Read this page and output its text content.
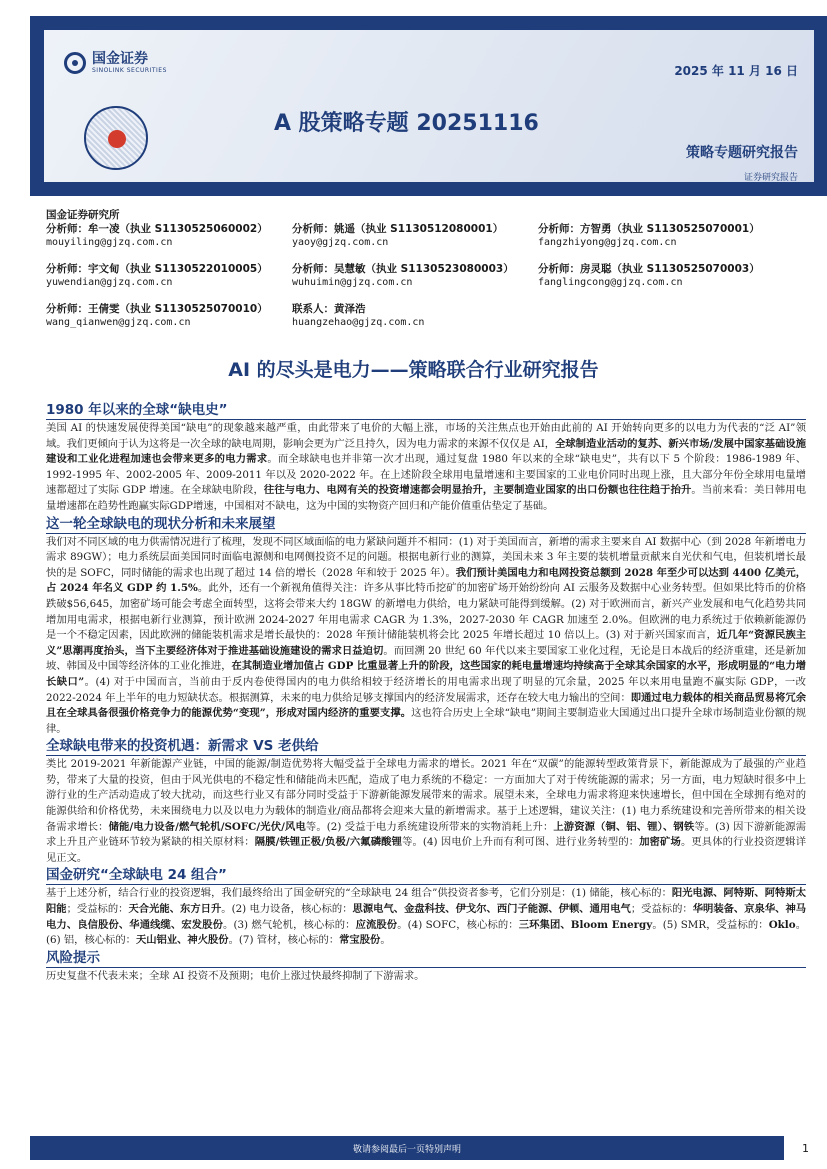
国金证券
SINOLINK SECURITIES	2025 年 11 月 16 日
A 股策略专题 20251116
策略专题研究报告
证券研究报告
国金证券研究所
分析师：牟一凌（执业 S1130525060002）
mouyiling@gjzq.com.cn
分析师：姚遥（执业 S1130512080001）
yaoy@gjzq.com.cn
分析师：方智勇（执业 S1130525070001）
fangzhiyong@gjzq.com.cn
分析师：宇文甸（执业 S1130522010005）
yuwendian@gjzq.com.cn
分析师：吴慧敏（执业 S1130523080003）
wuhuimin@gjzq.com.cn
分析师：房灵聪（执业 S1130525070003）
fanglingcong@gjzq.com.cn
分析师：王倩雯（执业 S1130525070010）
wang_qianwen@gjzq.com.cn
联系人：黄泽浩
huangzehao@gjzq.com.cn
AI 的尽头是电力——策略联合行业研究报告
1980 年以来的全球“缺电史”
美国 AI 的快速发展使得美国“缺电”的现象越来越严重，由此带来了电价的大幅上涨，市场的关注焦点也开始由此前的 AI 开始转向更多的以电力为代表的“泛 AI”领域。我们更倾向于认为这将是一次全球的缺电周期，影响会更为广泛且持久，因为电力需求的来源不仅仅是 AI，全球制造业活动的复苏、新兴市场/发展中国家基础设施建设和工业化进程加速也会带来更多的电力需求。而全球缺电也并非第一次才出现，通过复盘 1980 年以来的全球“缺电史”，共有以下 5 个阶段：1986-1989 年、1992-1995 年、2002-2005 年、2009-2011 年以及 2020-2022 年。在上述阶段全球用电量增速和主要国家的工业电价同时出现上涨，且大部分年份全球用电量增速都超过了实际 GDP 增速。在全球缺电阶段，往往与电力、电网有关的投资增速都会明显抬升，主要制造业国家的出口份额也往往趋于抬升。当前来看：美日韩用电量增速都在趋势性跑赢实际GDP增速，中国相对不缺电，这为中国的实物资产回归和产能价值重估垫定了基础。
这一轮全球缺电的现状分析和未来展望
我们对不同区域的电力供需情况进行了梳理，发现不同区域面临的电力紧缺问题并不相同：(1) 对于美国而言，新增的需求主要来自 AI 数据中心（到 2028 年新增电力需求 89GW）；电力系统层面美国同时面临电源侧和电网侧投资不足的问题。根据电新行业的测算，美国未来 3 年主要的装机增量贡献来自光伏和气电，但装机增长最快的是 SOFC，同时储能的需求也出现了超过 14 倍的增长（2028 年和较于 2025 年）。我们预计美国电力和电网投资总额到 2028 年至少可以达到 4400 亿美元，占 2024 年名义 GDP 约 1.5%。此外，还有一个新视角值得关注：许多从事比特币挖矿的加密矿场开始纷纷向 AI 云服务及数据中心业务转型。但如果比特币的价格跌破$56,645，加密矿场可能会考虑全面转型，这将会带来大约 18GW 的新增电力供给，电力紧缺可能得到缓解。(2) 对于欧洲而言，新兴产业发展和电气化趋势共同增加用电需求，根据电新行业测算，预计欧洲 2024-2027 年用电需求 CAGR 为 1.3%，2027-2030 年 CAGR 加速至 2.0%。但欧洲的电力系统过于依赖新能源仍是一个不稳定因素，因此欧洲的储能装机需求是增长最快的：2028 年预计储能装机将会比 2025 年增长超过 10 倍以上。(3) 对于新兴国家而言，近几年“资源民族主义”思潮再度抬头，当下主要经济体对于推进基础设施建设的需求日益迫切。而回溯 20 世纪 60 年代以来主要国家工业化过程，无论是日本战后的经济重建，还是新加坡、韩国及中国等经济体的工业化推进，在其制造业增加值占 GDP 比重显著上升的阶段，这些国家的耗电量增速均持续高于全球其余国家的水平，形成明显的“电力增长缺口”。(4) 对于中国而言，当前由于反内卷使得国内的电力供给相较于经济增长的用电需求出现了明显的冗余量，2025 年以来用电量跑不赢实际 GDP，一改 2022-2024 年上半年的电力短缺状态。根据测算，未来的电力供给足够支撑国内的经济发展需求，还存在较大电力输出的空间：即通过电力载体的相关商品贸易将冗余且在全球具备很强价格竞争力的能源优势“变现”，形成对国内经济的重要支撑。这也符合历史上全球“缺电”期间主要制造业大国通过出口提升全球市场制造业份额的规律。
全球缺电带来的投资机遇：新需求 VS 老供给
类比 2019-2021 年新能源产业链，中国的能源/制造优势将大幅受益于全球电力需求的增长。2021 年在“双碳”的能源转型政策背景下，新能源成为了最强的产业趋势，带来了大量的投资，但由于风光供电的不稳定性和储能尚未匹配，造成了电力系统的不稳定：一方面加大了对于传统能源的需求；另一方面，电力短缺时很多中上游行业的生产活动造成了较大扰动，而这些行业又有部分同时受益于下游新能源发展带来的需求。展望未来，全球电力需求将迎来快速增长，但中国在全球拥有绝对的能源供给和价格优势，未来围绕电力以及以电力为载体的制造业/商品都将会迎来大量的新增需求。基于上述逻辑，建议关注：(1) 电力系统建设和完善所带来的相关设备需求增长：储能/电力设备/燃气轮机/SOFC/光伏/风电等。(2) 受益于电力系统建设所带来的实物消耗上升：上游资源（铜、铝、锂）、钢铁等。(3) 因下游新能源需求上升且产业链环节较为紧缺的相关原材料：隔膜/铁锂正极/负极/六氟磷酸锂等。(4) 因电价上升而有利可图、进行业务转型的：加密矿场。更具体的行业投资逻辑详见正文。
国金研究“全球缺电 24 组合”
基于上述分析，结合行业的投资逻辑，我们最终给出了国金研究的“全球缺电 24 组合”供投资者参考，它们分别是：(1) 储能，核心标的：阳光电源、阿特斯、阿特斯太阳能；受益标的：天合光能、东方日升。(2) 电力设备，核心标的：思源电气、金盘科技、伊戈尔、西门子能源、伊顿、通用电气；受益标的：华明装备、京泉华、神马电力、良信股份、华通线缆、宏发股份。(3) 燃气轮机，核心标的：应流股份。(4) SOFC，核心标的：三环集团、Bloom Energy。(5) SMR，受益标的：Oklo。(6) 铝，核心标的：天山铝业、神火股份。(7) 管材，核心标的：常宝股份。
风险提示
历史复盘不代表未来；全球 AI 投资不及预期；电价上涨过快最终抑制了下游需求。
敬请参阅最后一页特别声明	1
